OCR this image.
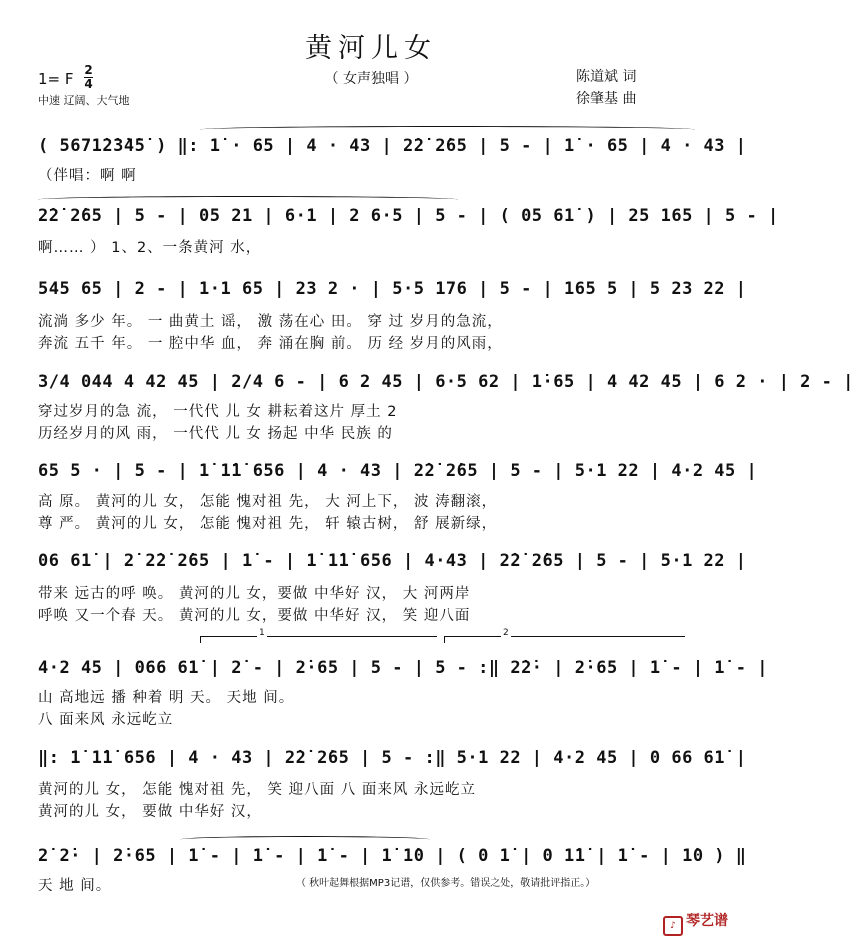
黄河儿女
（ 女声独唱 ）
1= F 2
4
中速 辽阔、大气地
陈道斌 词
徐肇基 曲
( 5671̇2̇3̇4̇5̇ ) ‖: 1̇ · 65 | 4 · 43 | 2̇2̇ 2̇65 | 5 - | 1̇ · 65 | 4 · 43 |
（伴唱：啊 啊
2̇2̇ 2̇65 | 5 - | 05 21 | 6·1 | 2 6·5 | 5 - | ( 05 61̇ ) | 25 165 | 5 - |
啊…… ） 1、2、一条黄河 水，
545 65 | 2 - | 1·1 65 | 23 2 · | 5·5 176 | 5 - | 165 5 | 5 23 22 |
流淌 多少 年。 一 曲黄土 谣， 激 荡在心 田。 穿 过 岁月的急流，
奔流 五千 年。 一 腔中华 血， 奔 涌在胸 前。 历 经 岁月的风雨，
3/4 044 4 42 45 | 2/4 6 - | 6 2 45 | 6·5 62 | 1̇·65 | 4 42 45 | 6 2 · | 2 - |
穿过岁月的急 流， 一代代 儿 女 耕耘着这片 厚土 2
历经岁月的风 雨， 一代代 儿 女 扬起 中华 民族 的
65 5 · | 5 - | 1̇ 1̇1̇ 656 | 4 · 43 | 2̇2̇ 2̇65 | 5 - | 5·1 22 | 4·2 45 |
高 原。 黄河的儿 女， 怎能 愧对祖 先， 大 河上下， 波 涛翻滚，
尊 严。 黄河的儿 女， 怎能 愧对祖 先， 轩 辕古树， 舒 展新绿，
06 61̇ | 2̇ 2̇2̇ 2̇65 | 1̇ - | 1̇ 1̇1̇ 656 | 4·43 | 2̇2̇ 2̇65 | 5 - | 5·1 22 |
带来 远古的呼 唤。 黄河的儿 女，要做 中华好 汉， 大 河两岸
呼唤 又一个春 天。 黄河的儿 女，要做 中华好 汉， 笑 迎八面
1	2
4·2 45 | 066 61̇ | 2̇ - | 2̇·65 | 5 - | 5 - :‖ 2̇2̇· | 2̇·65 | 1̇ - | 1̇ - |
山 高地远 播 种着 明 天。 天地 间。
八 面来风 永远屹立
‖: 1̇ 1̇1̇ 656 | 4 · 43 | 2̇2̇ 2̇65 | 5 - :‖ 5·1 22 | 4·2 45 | 0 66 61̇ |
黄河的儿 女， 怎能 愧对祖 先， 笑 迎八面 八 面来风 永远屹立
黄河的儿 女， 要做 中华好 汉，
2̇ 2̇· | 2̇·65 | 1̇ - | 1̇ - | 1̇ - | 1̇ 1̇0 | ( 0 1̇ | 0 1̇1̇ | 1̇ - | 1̇0 ) ‖
天 地 间。	（ 秋叶起舞根据MP3记谱，仅供参考。错误之处，敬请批评指正。）
♪ 琴艺谱
